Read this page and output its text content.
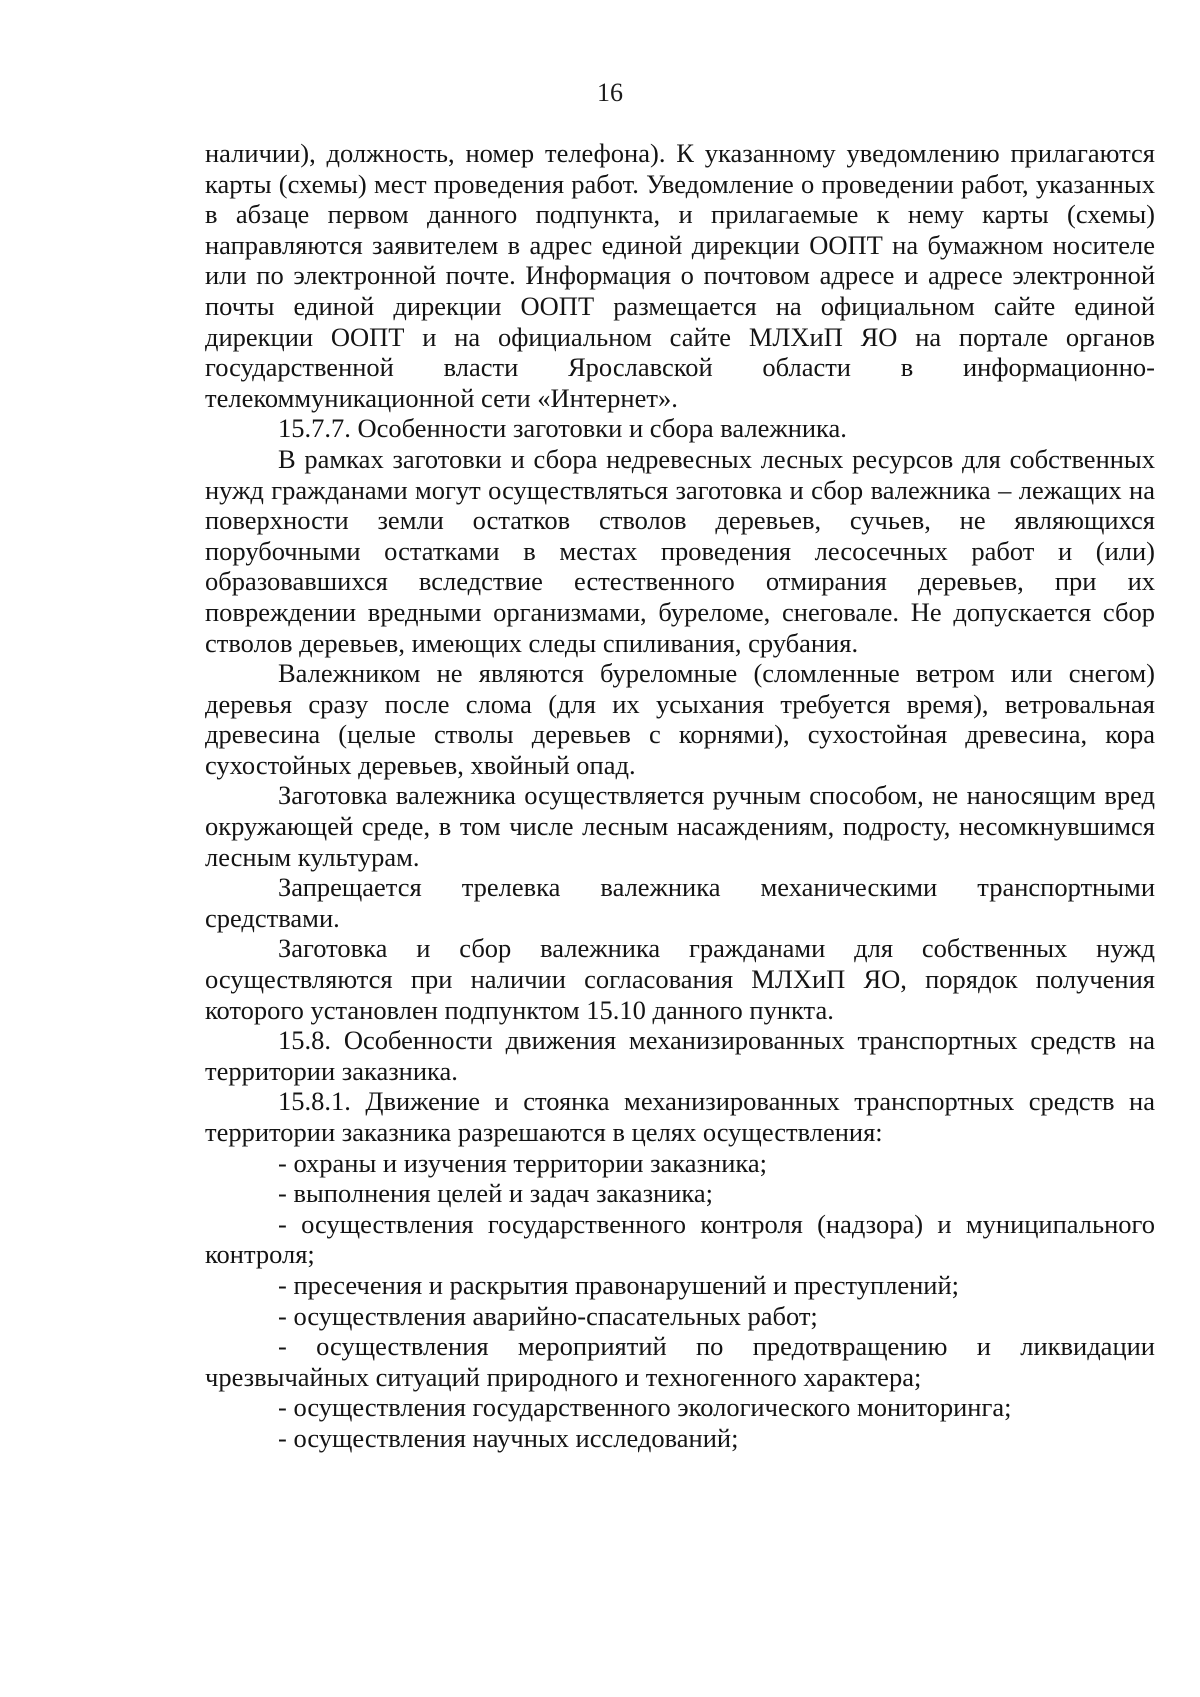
16

наличии), должность, номер телефона). К указанному уведомлению прилагаются карты (схемы) мест проведения работ. Уведомление о проведении работ, указанных в абзаце первом данного подпункта, и прилагаемые к нему карты (схемы) направляются заявителем в адрес единой дирекции ООПТ на бумажном носителе или по электронной почте. Информация о почтовом адресе и адресе электронной почты единой дирекции ООПТ размещается на официальном сайте единой дирекции ООПТ и на официальном сайте МЛХиП ЯО на портале органов государственной власти Ярославской области в информационно-телекоммуникационной сети «Интернет».

15.7.7. Особенности заготовки и сбора валежника.

В рамках заготовки и сбора недревесных лесных ресурсов для собственных нужд гражданами могут осуществляться заготовка и сбор валежника – лежащих на поверхности земли остатков стволов деревьев, сучьев, не являющихся порубочными остатками в местах проведения лесосечных работ и (или) образовавшихся вследствие естественного отмирания деревьев, при их повреждении вредными организмами, буреломе, снеговале. Не допускается сбор стволов деревьев, имеющих следы спиливания, срубания.

Валежником не являются буреломные (сломленные ветром или снегом) деревья сразу после слома (для их усыхания требуется время), ветровальная древесина (целые стволы деревьев с корнями), сухостойная древесина, кора сухостойных деревьев, хвойный опад.

Заготовка валежника осуществляется ручным способом, не наносящим вред окружающей среде, в том числе лесным насаждениям, подросту, несомкнувшимся лесным культурам.

Запрещается трелевка валежника механическими транспортными средствами.

Заготовка и сбор валежника гражданами для собственных нужд осуществляются при наличии согласования МЛХиП ЯО, порядок получения которого установлен подпунктом 15.10 данного пункта.

15.8. Особенности движения механизированных транспортных средств на территории заказника.

15.8.1. Движение и стоянка механизированных транспортных средств на территории заказника разрешаются в целях осуществления:

- охраны и изучения территории заказника;

- выполнения целей и задач заказника;

- осуществления государственного контроля (надзора) и муниципального контроля;

- пресечения и раскрытия правонарушений и преступлений;

- осуществления аварийно-спасательных работ;

- осуществления мероприятий по предотвращению и ликвидации чрезвычайных ситуаций природного и техногенного характера;

- осуществления государственного экологического мониторинга;

- осуществления научных исследований;
